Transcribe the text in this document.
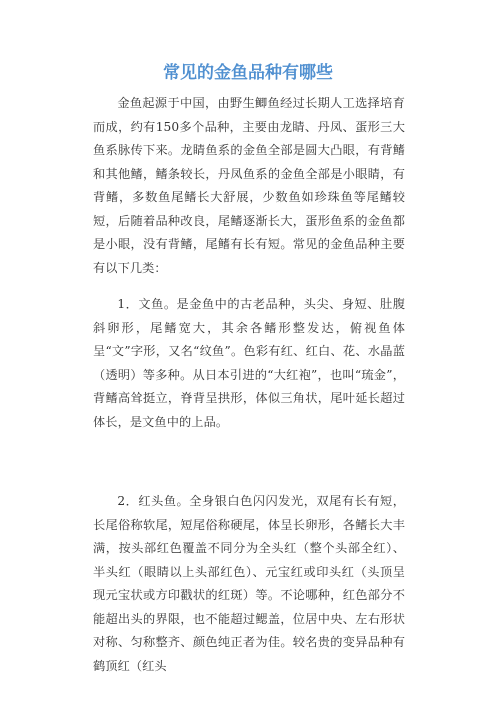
常见的金鱼品种有哪些

金鱼起源于中国，由野生鲫鱼经过长期人工选择培育而成，约有150多个品种，主要由龙睛、丹凤、蛋形三大鱼系脉传下来。龙睛鱼系的金鱼全部是圆大凸眼，有背鳍和其他鳍，鳍条较长，丹凤鱼系的金鱼全部是小眼睛，有背鳍，多数鱼尾鳍长大舒展，少数鱼如珍珠鱼等尾鳍较短，后随着品种改良，尾鳍逐渐长大，蛋形鱼系的金鱼都是小眼，没有背鳍，尾鳍有长有短。常见的金鱼品种主要有以下几类：

1．文鱼。是金鱼中的古老品种，头尖、身短、肚腹斜卵形，尾鳍宽大，其余各鳍形整发达，俯视鱼体呈“文”字形，又名“纹鱼”。色彩有红、红白、花、水晶蓝（透明）等多种。从日本引进的“大红袍”，也叫“琉金”，背鳍高耸挺立，脊背呈拱形，体似三角状，尾叶延长超过体长，是文鱼中的上品。

2．红头鱼。全身银白色闪闪发光，双尾有长有短，长尾俗称软尾，短尾俗称硬尾，体呈长卵形，各鳍长大丰满，按头部红色覆盖不同分为全头红（整个头部全红）、半头红（眼睛以上头部红色）、元宝红或印头红（头顶呈现元宝状或方印戳状的红斑）等。不论哪种，红色部分不能超出头的界限，也不能超过鳃盖，位居中央、左右形状对称、匀称整齐、颜色纯正者为佳。较名贵的变异品种有鹤顶红（红头
